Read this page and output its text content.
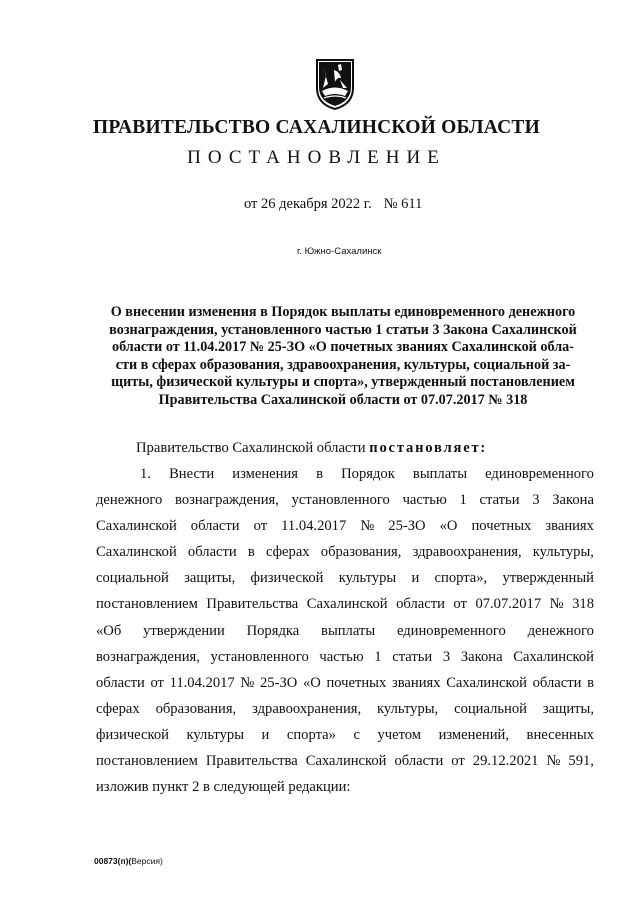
ПРАВИТЕЛЬСТВО САХАЛИНСКОЙ ОБЛАСТИ
ПОСТАНОВЛЕНИЕ
от 26 декабря 2022 г. № 611
г. Южно-Сахалинск
О внесении изменения в Порядок выплаты единовременного денежного
вознаграждения, установленного частью 1 статьи 3 Закона Сахалинской
области от 11.04.2017 № 25-ЗО «О почетных званиях Сахалинской обла-
сти в сферах образования, здравоохранения, культуры, социальной за-
щиты, физической культуры и спорта», утвержденный постановлением
Правительства Сахалинской области от 07.07.2017 № 318
Правительство Сахалинской области постановляет:
1. Внести изменения в Порядок выплаты единовременного
денежного вознаграждения, установленного частью 1 статьи 3 Закона
Сахалинской области от 11.04.2017 № 25-ЗО «О почетных званиях
Сахалинской области в сферах образования, здравоохранения, культуры,
социальной защиты, физической культуры и спорта», утвержденный
постановлением Правительства Сахалинской области от 07.07.2017 № 318
«Об утверждении Порядка выплаты единовременного денежного
вознаграждения, установленного частью 1 статьи 3 Закона Сахалинской
области от 11.04.2017 № 25-ЗО «О почетных званиях Сахалинской области в
сферах образования, здравоохранения, культуры, социальной защиты,
физической культуры и спорта» с учетом изменений, внесенных
постановлением Правительства Сахалинской области от 29.12.2021 № 591,
изложив пункт 2 в следующей редакции:
00873(п)(Версия)
